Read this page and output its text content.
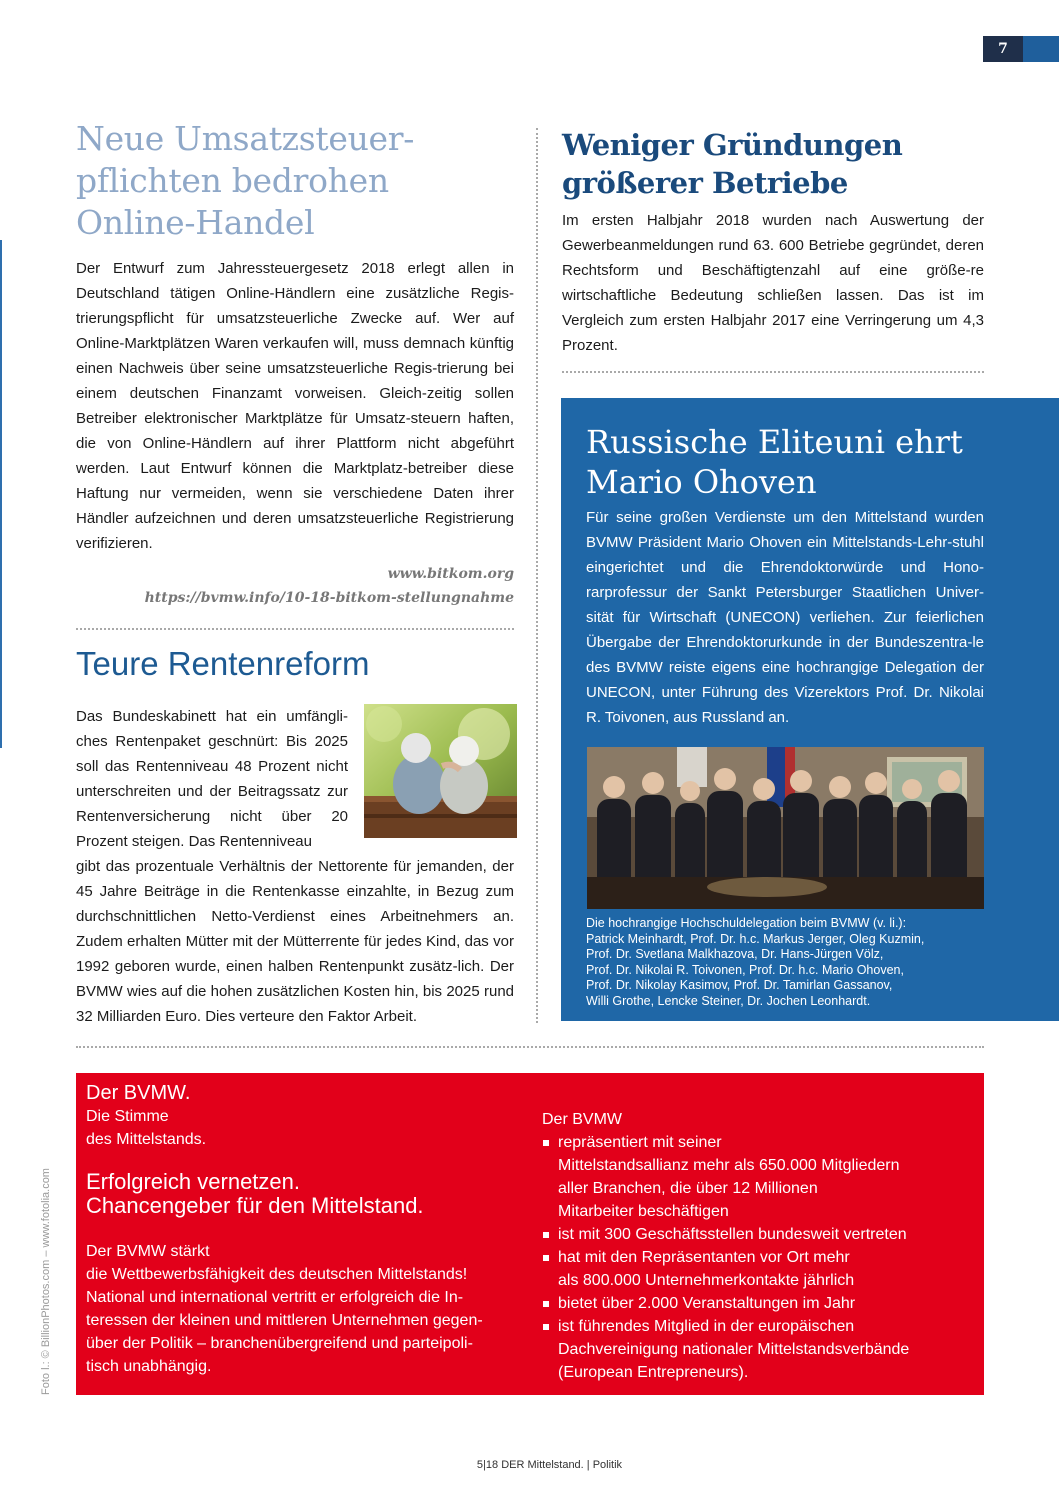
7
Neue Umsatzsteuer-
pflichten bedrohen
Online-Handel

Der Entwurf zum Jahressteuergesetz 2018 erlegt allen in Deutschland tätigen Online-Händlern eine zusätzliche Regis-trierungspflicht für umsatzsteuerliche Zwecke auf. Wer auf Online-Marktplätzen Waren verkaufen will, muss demnach künftig einen Nachweis über seine umsatzsteuerliche Regis-trierung bei einem deutschen Finanzamt vorweisen. Gleich-zeitig sollen Betreiber elektronischer Marktplätze für Umsatz-steuern haften, die von Online-Händlern auf ihrer Plattform nicht abgeführt werden. Laut Entwurf können die Marktplatz-betreiber diese Haftung nur vermeiden, wenn sie verschiedene Daten ihrer Händler aufzeichnen und deren umsatzsteuerliche Registrierung verifizieren.

www.bitkom.org

https://bvmw.info/10-18-bitkom-stellungnahme

Teure Rentenreform

Das Bundeskabinett hat ein umfängli-ches Rentenpaket geschnürt: Bis 2025 soll das Rentenniveau 48 Prozent nicht unterschreiten und der Beitragssatz zur Rentenversicherung nicht über 20 Prozent steigen. Das Rentenniveau

gibt das prozentuale Verhältnis der Nettorente für jemanden, der 45 Jahre Beiträge in die Rentenkasse einzahlte, in Bezug zum durchschnittlichen Netto-Verdienst eines Arbeitnehmers an. Zudem erhalten Mütter mit der Mütterrente für jedes Kind, das vor 1992 geboren wurde, einen halben Rentenpunkt zusätz-lich. Der BVMW wies auf die hohen zusätzlichen Kosten hin, bis 2025 rund 32 Milliarden Euro. Dies verteure den Faktor Arbeit.

Weniger Gründungen
größerer Betriebe

Im ersten Halbjahr 2018 wurden nach Auswertung der Gewerbeanmeldungen rund 63. 600 Betriebe gegründet, deren Rechtsform und Beschäftigtenzahl auf eine größe-re wirtschaftliche Bedeutung schließen lassen. Das ist im Vergleich zum ersten Halbjahr 2017 eine Verringerung um 4,3 Prozent.

Russische Eliteuni ehrt
Mario Ohoven

Für seine großen Verdienste um den Mittelstand wurden BVMW Präsident Mario Ohoven ein Mittelstands-Lehr-stuhl eingerichtet und die Ehrendoktorwürde und Hono-rarprofessur der Sankt Petersburger Staatlichen Univer-sität für Wirtschaft (UNECON) verliehen. Zur feierlichen Übergabe der Ehrendoktorurkunde in der Bundeszentra-le des BVMW reiste eigens eine hochrangige Delegation der UNECON, unter Führung des Vizerektors Prof. Dr. Nikolai R. Toivonen, aus Russland an.

Die hochrangige Hochschuldelegation beim BVMW (v. li.):
Patrick Meinhardt, Prof. Dr. h.c. Markus Jerger, Oleg Kuzmin,
Prof. Dr. Svetlana Malkhazova, Dr. Hans-Jürgen Völz,
Prof. Dr. Nikolai R. Toivonen, Prof. Dr. h.c. Mario Ohoven,
Prof. Dr. Nikolay Kasimov, Prof. Dr. Tamirlan Gassanov,
Willi Grothe, Lencke Steiner, Dr. Jochen Leonhardt.
Der BVMW.
Die Stimme
des Mittelstands.
Erfolgreich vernetzen.
Chancengeber für den Mittelstand.
Der BVMW stärkt
die Wettbewerbsfähigkeit des deutschen Mittelstands!
National und international vertritt er erfolgreich die In-
teressen der kleinen und mittleren Unternehmen gegen-
über der Politik – branchenübergreifend und parteipoli-
tisch unabhängig.
Der BVMW
repräsentiert mit seiner
Mittelstandsallianz mehr als 650.000 Mitgliedern
aller Branchen, die über 12 Millionen
Mitarbeiter beschäftigen
ist mit 300 Geschäftsstellen bundesweit vertreten
hat mit den Repräsentanten vor Ort mehr
als 800.000 Unternehmerkontakte jährlich
bietet über 2.000 Veranstaltungen im Jahr
ist führendes Mitglied in der europäischen
Dachvereinigung nationaler Mittelstandsverbände
(European Entrepreneurs).
Foto l.: © BillionPhotos.com – www.fotolia.com
5|18 DER Mittelstand. | Politik
